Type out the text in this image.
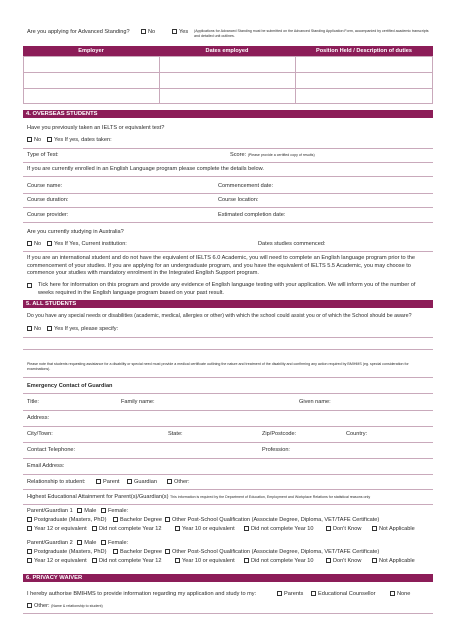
Are you applying for Advanced Standing?	No	Yes (Applications for Advanced Standing must be submitted on the Advanced Standing Application Form, accompanied by certified academic transcripts and detailed unit outlines.
Employer	Dates employed	Position Held / Description of duties
4. OVERSEAS STUDENTS
Have you previously taken an IELTS or equivalent test?
No	Yes If yes, dates taken:
Type of Test:	Score: (Please provide a certified copy of results)
If you are currently enrolled in an English Language program please complete the details below.
Course name:	Commencement date:
Course duration:	Course location:
Course provider:	Estimated completion date:
Are you currently studying in Australia?
No	Yes If Yes, Current institution:	Dates studies commenced:
If you are an international student and do not have the equivalent of IELTS 6.0 Academic, you will need to complete an English language program prior to the commencement of your studies. If you are applying for an undergraduate program, and you have the equivalent of IELTS 5.5 Academic, you may choose to commence your studies with mandatory enrolment in the Integrated English Support program.
Tick here for information on this program and provide any evidence of English language testing with your application. We will inform you of the number of weeks required in the English language program based on your past result.
5. ALL STUDENTS
Do you have any special needs or disabilities (academic, medical, allergies or other) with which the school could assist you or of which the School should be aware?
No	Yes If yes, please specify:
Please note that students requesting assistance for a disability or special need must provide a medical certificate outlining the nature and treatment of the disability and confirming any action required by BMIHMS (eg. special consideration for examinations).
Emergency Contact of Guardian
Title:	Family name:	Given name:
Address:
City/Town:	State:	Zip/Postcode:	Country:
Contact Telephone:	Profession:
Email Address:
Relationship to student:	Parent	Guardian	Other:
Highest Educational Attainment for Parent(s)/Guardian(s) This information is required by the Department of Education, Employment and Workplace Relations for statistical reasons only
Parent/Guardian 1 Male Female:
Postgraduate (Masters, PhD)	Bachelor Degree	Other Post-School Qualification (Associate Degree, Diploma, VET/TAFE Certificate)
Year 12 or equivalent	Did not complete Year 12	Year 10 or equivalent	Did not complete Year 10	Don't Know	Not Applicable
Parent/Guardian 2 Male Female:
Postgraduate (Masters, PhD)	Bachelor Degree	Other Post-School Qualification (Associate Degree, Diploma, VET/TAFE Certificate)
Year 12 or equivalent	Did not complete Year 12	Year 10 or equivalent	Did not complete Year 10	Don't Know	Not Applicable
6. PRIVACY WAIVER
I hereby authorise BMIHMS to provide information regarding my application and study to my:	Parents	Educational Counsellor	None
Other: (Name & relationship to student)
